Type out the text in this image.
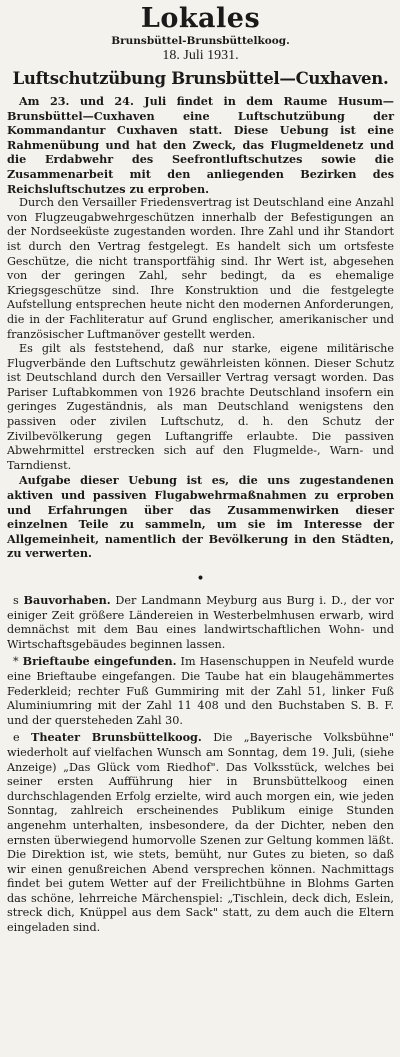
Lokales
Brunsbüttel-Brunsbüttelkoog.
18. Juli 1931.
Luftschutzübung Brunsbüttel—Cuxhaven.

Am 23. und 24. Juli findet in dem Raume Husum—Brunsbüttel—Cuxhaven eine Luftschutzübung der Kommandantur Cuxhaven statt. Diese Uebung ist eine Rahmenübung und hat den Zweck, das Flugmeldenetz und die Erdabwehr des Seefrontluftschutzes sowie die Zusammenarbeit mit den anliegenden Bezirken des Reichsluftschutzes zu erproben.

Durch den Versailler Friedensvertrag ist Deutschland eine Anzahl von Flugzeugabwehrgeschützen innerhalb der Befestigungen an der Nordseeküste zugestanden worden. Ihre Zahl und ihr Standort ist durch den Vertrag festgelegt. Es handelt sich um ortsfeste Geschütze, die nicht transportfähig sind. Ihr Wert ist, abgesehen von der geringen Zahl, sehr bedingt, da es ehemalige Kriegsgeschütze sind. Ihre Konstruktion und die festgelegte Aufstellung entsprechen heute nicht den modernen Anforderungen, die in der Fachliteratur auf Grund englischer, amerikanischer und französischer Luftmanöver gestellt werden.

Es gilt als feststehend, daß nur starke, eigene militärische Flugverbände den Luftschutz gewährleisten können. Dieser Schutz ist Deutschland durch den Versailler Vertrag versagt worden. Das Pariser Luftabkommen von 1926 brachte Deutschland insofern ein geringes Zugeständnis, als man Deutschland wenigstens den passiven oder zivilen Luftschutz, d. h. den Schutz der Zivilbevölkerung gegen Luftangriffe erlaubte. Die passiven Abwehrmittel erstrecken sich auf den Flugmelde-, Warn- und Tarndienst.

Aufgabe dieser Uebung ist es, die uns zugestandenen aktiven und passiven Flugabwehrmaßnahmen zu erproben und Erfahrungen über das Zusammenwirken dieser einzelnen Teile zu sammeln, um sie im Interesse der Allgemeinheit, namentlich der Bevölkerung in den Städten, zu verwerten.

•

s Bauvorhaben. Der Landmann Meyburg aus Burg i. D., der vor einiger Zeit größere Ländereien in Westerbelmhusen erwarb, wird demnächst mit dem Bau eines landwirtschaftlichen Wohn- und Wirtschaftsgebäudes beginnen lassen.

* Brieftaube eingefunden. Im Hasenschuppen in Neufeld wurde eine Brieftaube eingefangen. Die Taube hat ein blaugehämmertes Federkleid; rechter Fuß Gummiring mit der Zahl 51, linker Fuß Aluminiumring mit der Zahl 11 408 und den Buchstaben S. B. F. und der quersteheden Zahl 30.

e Theater Brunsbüttelkoog. Die „Bayerische Volksbühne" wiederholt auf vielfachen Wunsch am Sonntag, dem 19. Juli, (siehe Anzeige) „Das Glück vom Riedhof". Das Volksstück, welches bei seiner ersten Aufführung hier in Brunsbüttelkoog einen durchschlagenden Erfolg erzielte, wird auch morgen ein, wie jeden Sonntag, zahlreich erscheinendes Publikum einige Stunden angenehm unterhalten, insbesondere, da der Dichter, neben den ernsten überwiegend humorvolle Szenen zur Geltung kommen läßt. Die Direktion ist, wie stets, bemüht, nur Gutes zu bieten, so daß wir einen genußreichen Abend versprechen können. Nachmittags findet bei gutem Wetter auf der Freilichtbühne in Blohms Garten das schöne, lehrreiche Märchenspiel: „Tischlein, deck dich, Eslein, streck dich, Knüppel aus dem Sack" statt, zu dem auch die Eltern eingeladen sind.
